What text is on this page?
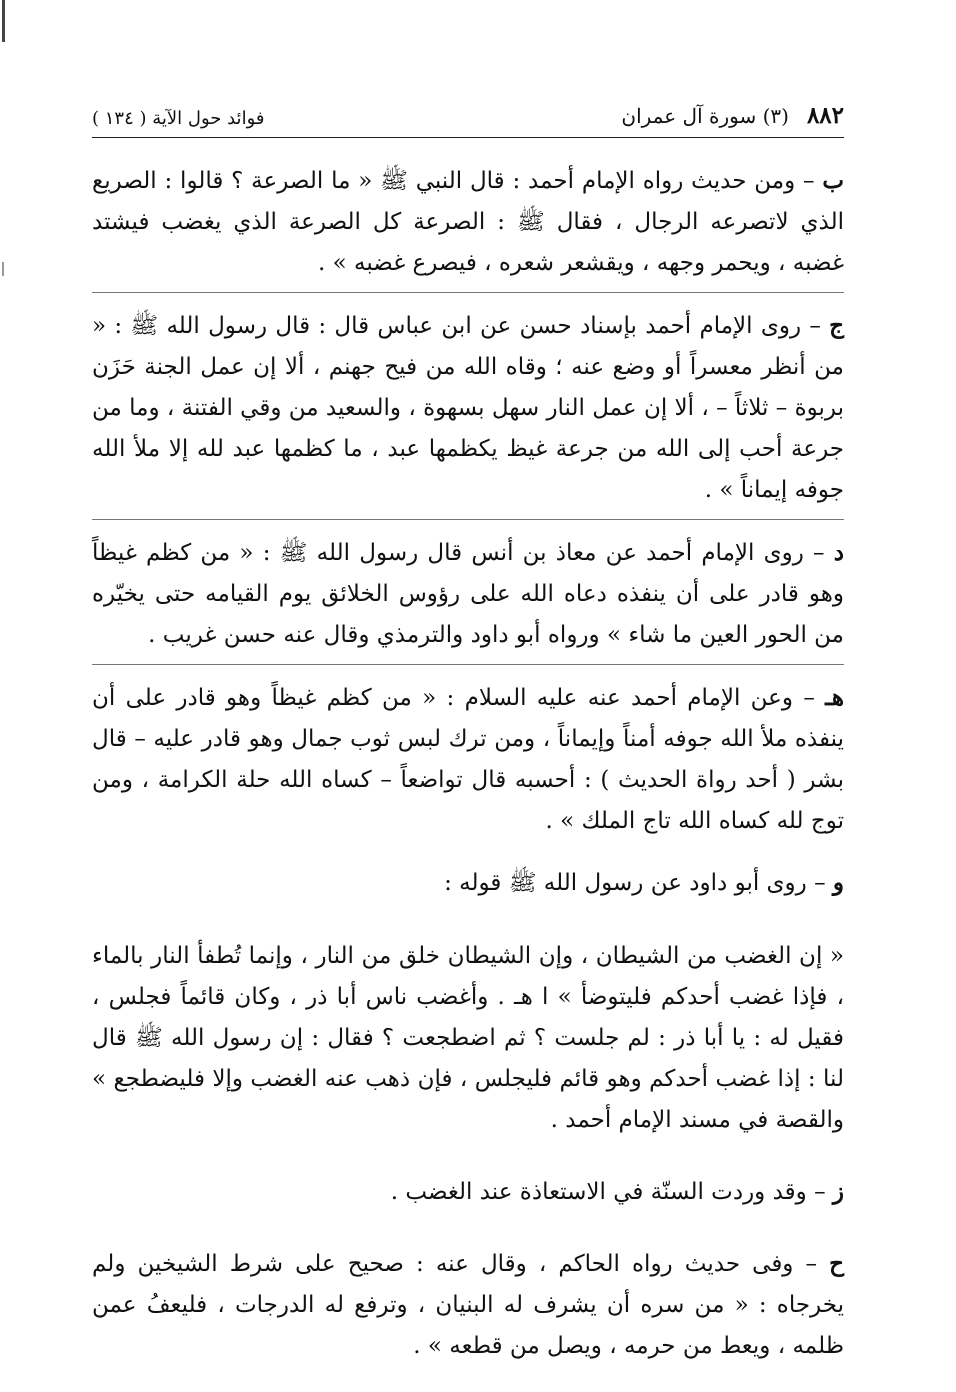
٨٨٢
(٣) سورة آل عمران
فوائد حول الآية ( ١٣٤ )

ب – ومن حديث رواه الإمام أحمد : قال النبي ﷺ « ما الصرعة ؟ قالوا : الصريع الذي لاتصرعه الرجال ، فقال ﷺ : الصرعة كل الصرعة الذي يغضب فيشتد غضبه ، ويحمر وجهه ، ويقشعر شعره ، فيصرع غضبه » .

ج – روى الإمام أحمد بإسناد حسن عن ابن عباس قال : قال رسول الله ﷺ : « من أنظر معسراً أو وضع عنه ؛ وقاه الله من فيح جهنم ، ألا إن عمل الجنة حَزَن بربوة – ثلاثاً – ، ألا إن عمل النار سهل بسهوة ، والسعيد من وقي الفتنة ، وما من جرعة أحب إلى الله من جرعة غيظ يكظمها عبد ، ما كظمها عبد لله إلا ملأ الله جوفه إيماناً » .

د – روى الإمام أحمد عن معاذ بن أنس قال رسول الله ﷺ : « من كظم غيظاً وهو قادر على أن ينفذه دعاه الله على رؤوس الخلائق يوم القيامه حتى يخيّره من الحور العين ما شاء » ورواه أبو داود والترمذي وقال عنه حسن غريب .

هـ – وعن الإمام أحمد عنه عليه السلام : « من كظم غيظاً وهو قادر على أن ينفذه ملأ الله جوفه أمناً وإيماناً ، ومن ترك لبس ثوب جمال وهو قادر عليه – قال بشر ( أحد رواة الحديث ) : أحسبه قال تواضعاً – كساه الله حلة الكرامة ، ومن توج لله كساه الله تاج الملك » .

و – روى أبو داود عن رسول الله ﷺ قوله :

« إن الغضب من الشيطان ، وإن الشيطان خلق من النار ، وإنما تُطفأ النار بالماء ، فإذا غضب أحدكم فليتوضأ » ا هـ . وأغضب ناس أبا ذر ، وكان قائماً فجلس ، فقيل له : يا أبا ذر : لم جلست ؟ ثم اضطجعت ؟ فقال : إن رسول الله ﷺ قال لنا : إذا غضب أحدكم وهو قائم فليجلس ، فإن ذهب عنه الغضب وإلا فليضطجع » والقصة في مسند الإمام أحمد .

ز – وقد وردت السنّة في الاستعاذة عند الغضب .

ح – وفى حديث رواه الحاكم ، وقال عنه : صحيح على شرط الشيخين ولم يخرجاه : « من سره أن يشرف له البنيان ، وترفع له الدرجات ، فليعفُ عمن ظلمه ، ويعط من حرمه ، ويصل من قطعه » .
